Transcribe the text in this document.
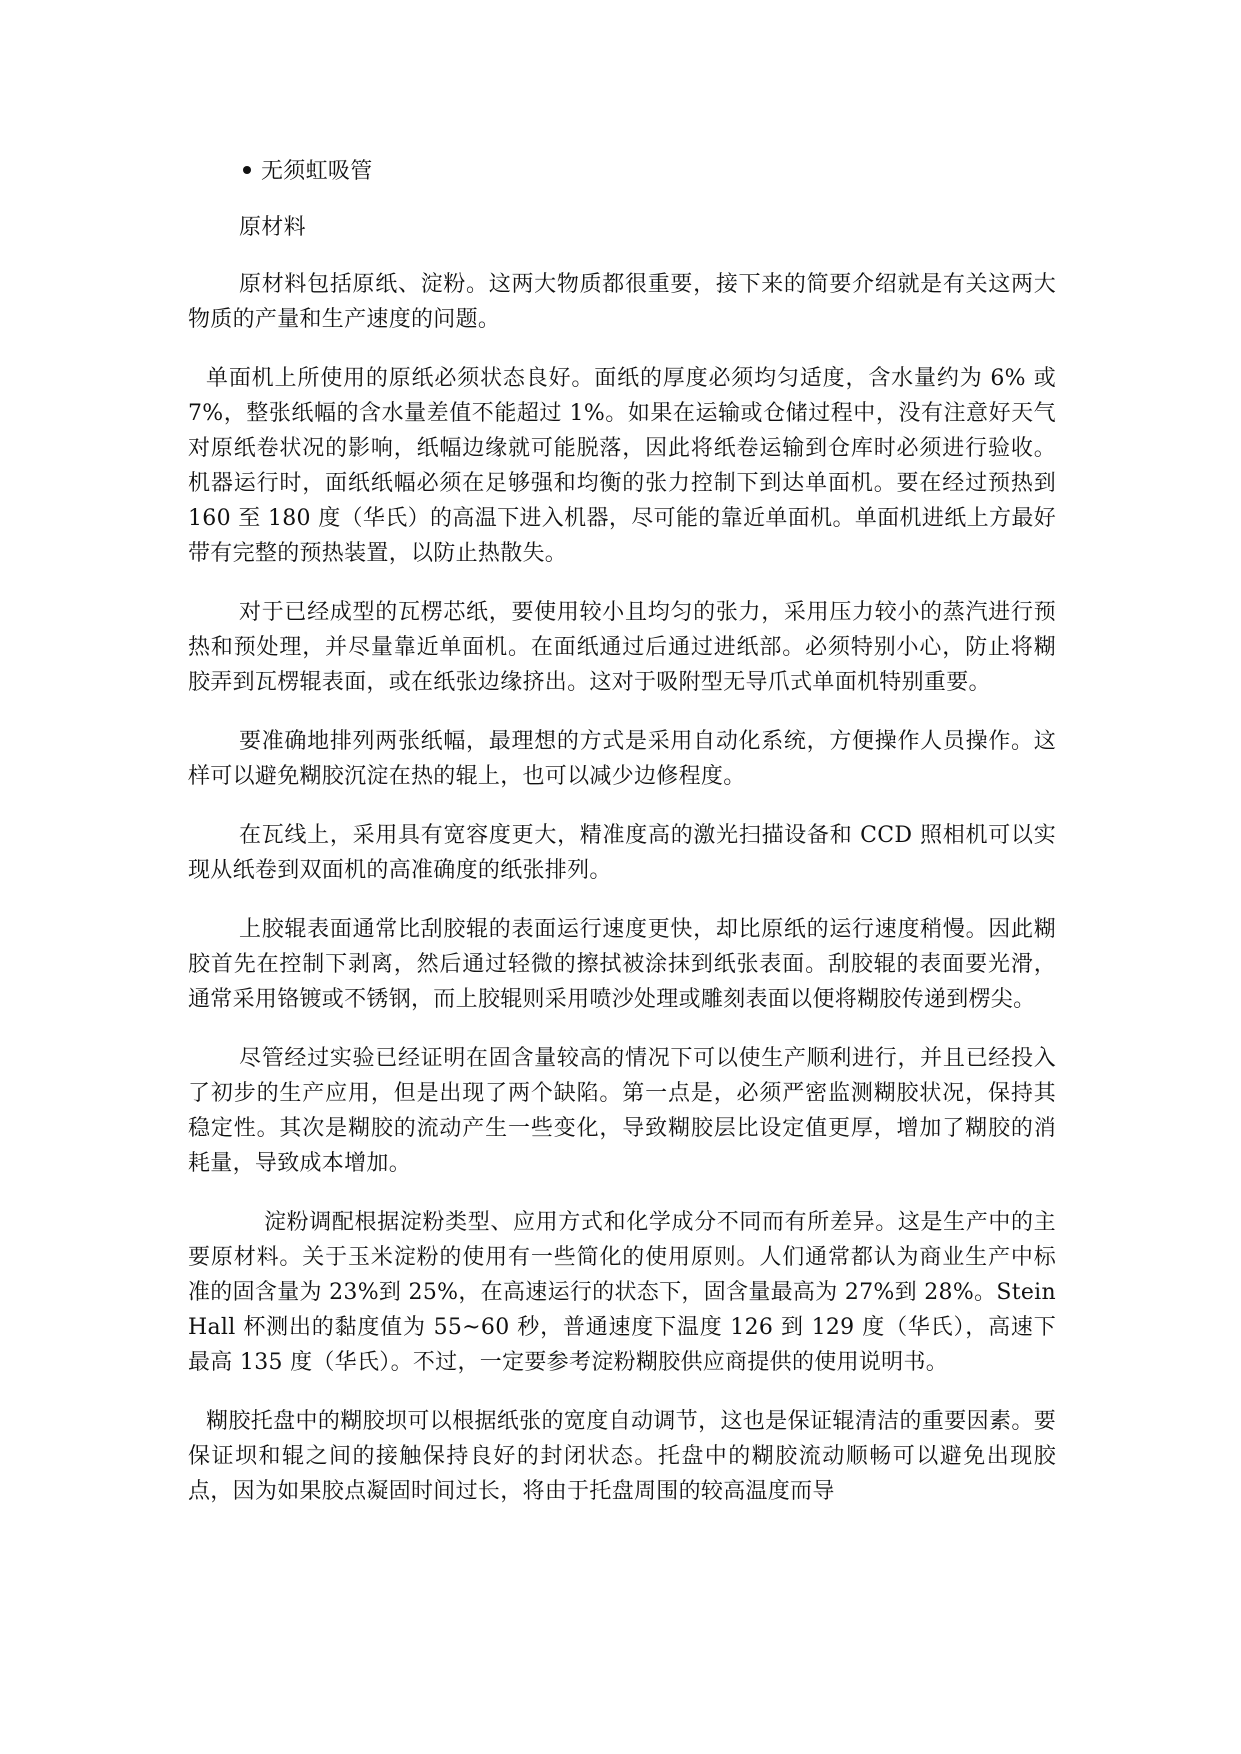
无须虹吸管
原材料

原材料包括原纸、淀粉。这两大物质都很重要，接下来的简要介绍就是有关这两大物质的产量和生产速度的问题。

单面机上所使用的原纸必须状态良好。面纸的厚度必须均匀适度，含水量约为 6% 或 7%，整张纸幅的含水量差值不能超过 1%。如果在运输或仓储过程中，没有注意好天气对原纸卷状况的影响，纸幅边缘就可能脱落，因此将纸卷运输到仓库时必须进行验收。机器运行时，面纸纸幅必须在足够强和均衡的张力控制下到达单面机。要在经过预热到 160 至 180 度（华氏）的高温下进入机器，尽可能的靠近单面机。单面机进纸上方最好带有完整的预热装置，以防止热散失。

对于已经成型的瓦楞芯纸，要使用较小且均匀的张力，采用压力较小的蒸汽进行预热和预处理，并尽量靠近单面机。在面纸通过后通过进纸部。必须特别小心，防止将糊胶弄到瓦楞辊表面，或在纸张边缘挤出。这对于吸附型无导爪式单面机特别重要。

要准确地排列两张纸幅，最理想的方式是采用自动化系统，方便操作人员操作。这样可以避免糊胶沉淀在热的辊上，也可以减少边修程度。

在瓦线上，采用具有宽容度更大，精准度高的激光扫描设备和 CCD 照相机可以实现从纸卷到双面机的高准确度的纸张排列。

上胶辊表面通常比刮胶辊的表面运行速度更快，却比原纸的运行速度稍慢。因此糊胶首先在控制下剥离，然后通过轻微的擦拭被涂抹到纸张表面。刮胶辊的表面要光滑，通常采用铬镀或不锈钢，而上胶辊则采用喷沙处理或雕刻表面以便将糊胶传递到楞尖。

尽管经过实验已经证明在固含量较高的情况下可以使生产顺利进行，并且已经投入了初步的生产应用，但是出现了两个缺陷。第一点是，必须严密监测糊胶状况，保持其稳定性。其次是糊胶的流动产生一些变化，导致糊胶层比设定值更厚，增加了糊胶的消耗量，导致成本增加。

淀粉调配根据淀粉类型、应用方式和化学成分不同而有所差异。这是生产中的主要原材料。关于玉米淀粉的使用有一些简化的使用原则。人们通常都认为商业生产中标准的固含量为 23%到 25%，在高速运行的状态下，固含量最高为 27%到 28%。Stein Hall 杯测出的黏度值为 55~60 秒，普通速度下温度 126 到 129 度（华氏），高速下最高 135 度（华氏）。不过，一定要参考淀粉糊胶供应商提供的使用说明书。

糊胶托盘中的糊胶坝可以根据纸张的宽度自动调节，这也是保证辊清洁的重要因素。要保证坝和辊之间的接触保持良好的封闭状态。托盘中的糊胶流动顺畅可以避免出现胶点，因为如果胶点凝固时间过长，将由于托盘周围的较高温度而导
